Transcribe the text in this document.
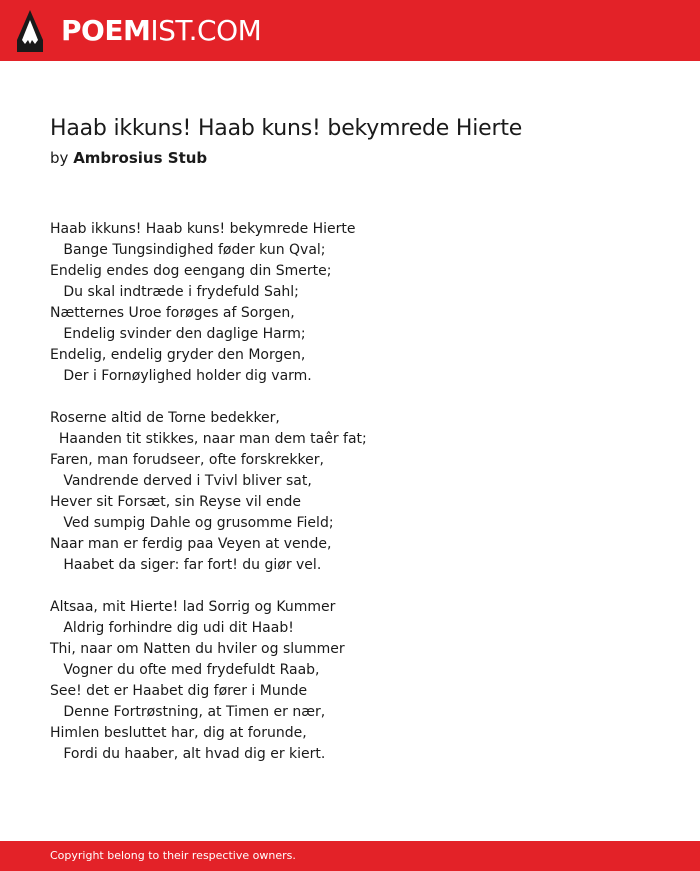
POEMIST.COM
Haab ikkuns! Haab kuns! bekymrede Hierte
by Ambrosius Stub
Haab ikkuns! Haab kuns! bekymrede Hierte
Bange Tungsindighed føder kun Qval;
Endelig endes dog eengang din Smerte;
Du skal indtræde i frydefuld Sahl;
Nætternes Uroe forøges af Sorgen,
Endelig svinder den daglige Harm;
Endelig, endelig gryder den Morgen,
Der i Fornøylighed holder dig varm.
Roserne altid de Torne bedekker,
Haanden tit stikkes, naar man dem taêr fat;
Faren, man forudseer, ofte forskrekker,
Vandrende derved i Tvivl bliver sat,
Hever sit Forsæt, sin Reyse vil ende
Ved sumpig Dahle og grusomme Field;
Naar man er ferdig paa Veyen at vende,
Haabet da siger: far fort! du giør vel.
Altsaa, mit Hierte! lad Sorrig og Kummer
Aldrig forhindre dig udi dit Haab!
Thi, naar om Natten du hviler og slummer
Vogner du ofte med frydefuldt Raab,
See! det er Haabet dig fører i Munde
Denne Fortrøstning, at Timen er nær,
Himlen besluttet har, dig at forunde,
Fordi du haaber, alt hvad dig er kiert.
Copyright belong to their respective owners.
